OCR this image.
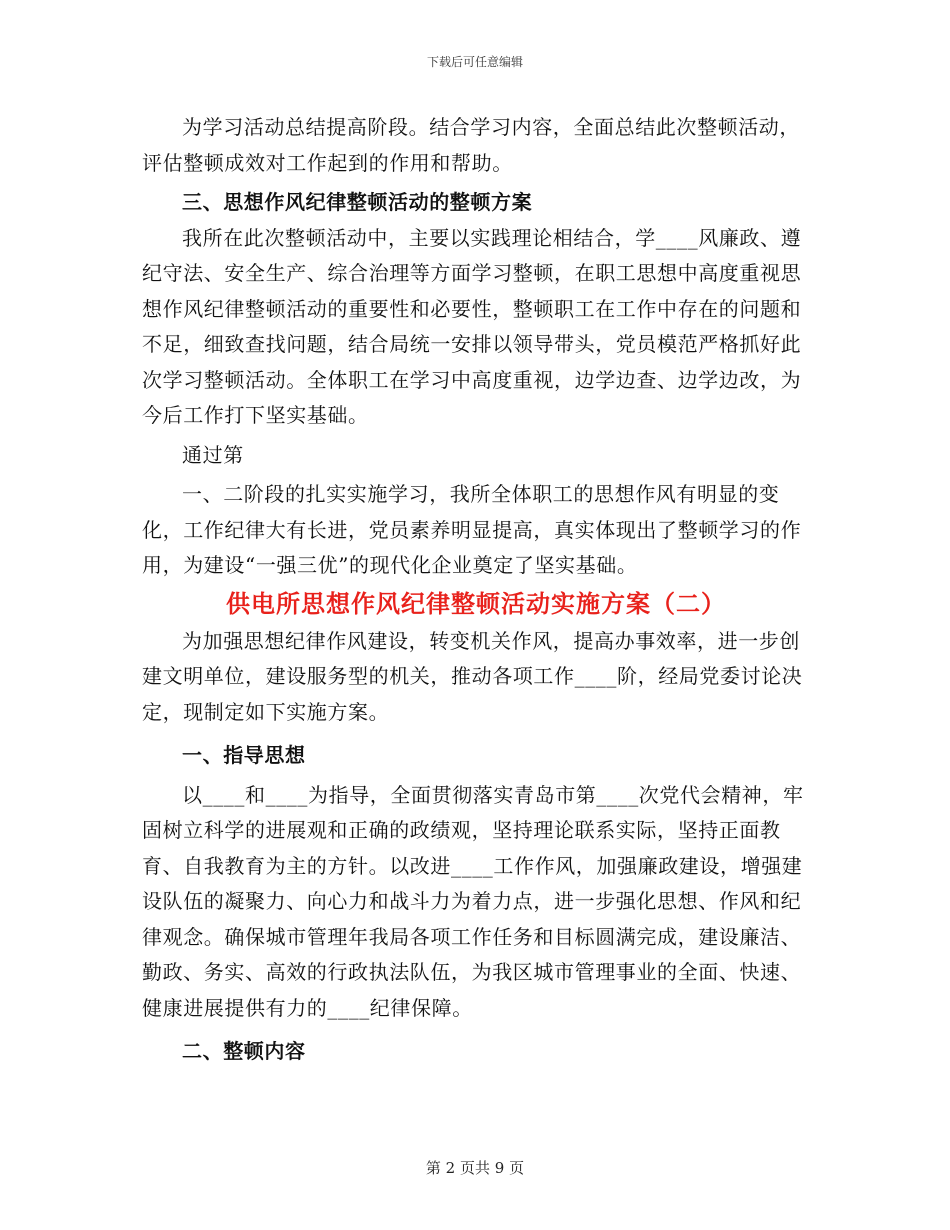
下载后可任意编辑

为学习活动总结提高阶段。结合学习内容，全面总结此次整顿活动，评估整顿成效对工作起到的作用和帮助。

三、思想作风纪律整顿活动的整顿方案

我所在此次整顿活动中，主要以实践理论相结合，学____风廉政、遵纪守法、安全生产、综合治理等方面学习整顿，在职工思想中高度重视思想作风纪律整顿活动的重要性和必要性，整顿职工在工作中存在的问题和不足，细致查找问题，结合局统一安排以领导带头，党员模范严格抓好此次学习整顿活动。全体职工在学习中高度重视，边学边查、边学边改，为今后工作打下坚实基础。

通过第

一、二阶段的扎实实施学习，我所全体职工的思想作风有明显的变化，工作纪律大有长进，党员素养明显提高，真实体现出了整顿学习的作用，为建设“一强三优”的现代化企业奠定了坚实基础。

供电所思想作风纪律整顿活动实施方案（二）

为加强思想纪律作风建设，转变机关作风，提高办事效率，进一步创建文明单位，建设服务型的机关，推动各项工作____阶，经局党委讨论决定，现制定如下实施方案。

一、指导思想

以____和____为指导，全面贯彻落实青岛市第____次党代会精神，牢固树立科学的进展观和正确的政绩观，坚持理论联系实际，坚持正面教育、自我教育为主的方针。以改进____工作作风，加强廉政建设，增强建设队伍的凝聚力、向心力和战斗力为着力点，进一步强化思想、作风和纪律观念。确保城市管理年我局各项工作任务和目标圆满完成，建设廉洁、勤政、务实、高效的行政执法队伍，为我区城市管理事业的全面、快速、健康进展提供有力的____纪律保障。

二、整顿内容

第 2 页共 9 页
